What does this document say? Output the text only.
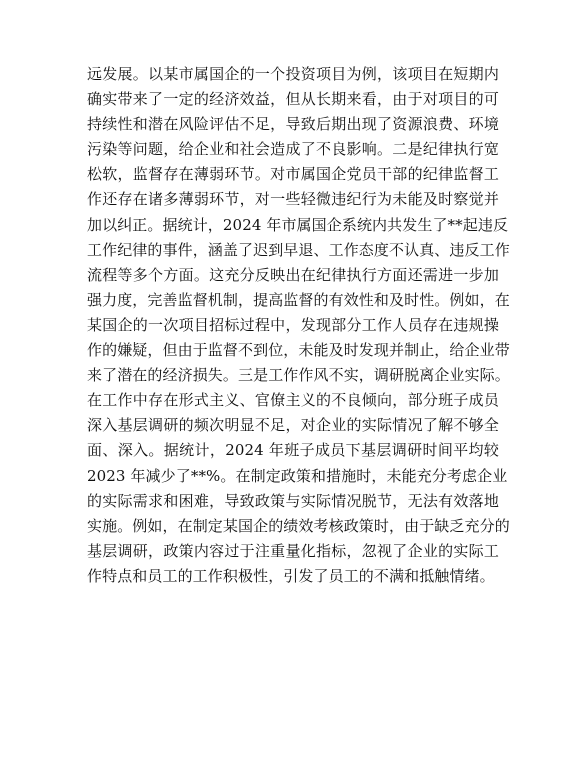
远发展。以某市属国企的一个投资项目为例，该项目在短期内
确实带来了一定的经济效益，但从长期来看，由于对项目的可
持续性和潜在风险评估不足，导致后期出现了资源浪费、环境
污染等问题，给企业和社会造成了不良影响。二是纪律执行宽
松软，监督存在薄弱环节。对市属国企党员干部的纪律监督工
作还存在诸多薄弱环节，对一些轻微违纪行为未能及时察觉并
加以纠正。据统计，2024 年市属国企系统内共发生了**起违反
工作纪律的事件，涵盖了迟到早退、工作态度不认真、违反工作
流程等多个方面。这充分反映出在纪律执行方面还需进一步加
强力度，完善监督机制，提高监督的有效性和及时性。例如，在
某国企的一次项目招标过程中，发现部分工作人员存在违规操
作的嫌疑，但由于监督不到位，未能及时发现并制止，给企业带
来了潜在的经济损失。三是工作作风不实，调研脱离企业实际。
在工作中存在形式主义、官僚主义的不良倾向，部分班子成员
深入基层调研的频次明显不足，对企业的实际情况了解不够全
面、深入。据统计，2024 年班子成员下基层调研时间平均较
2023 年减少了**%。在制定政策和措施时，未能充分考虑企业
的实际需求和困难，导致政策与实际情况脱节，无法有效落地
实施。例如，在制定某国企的绩效考核政策时，由于缺乏充分的
基层调研，政策内容过于注重量化指标，忽视了企业的实际工
作特点和员工的工作积极性，引发了员工的不满和抵触情绪。
